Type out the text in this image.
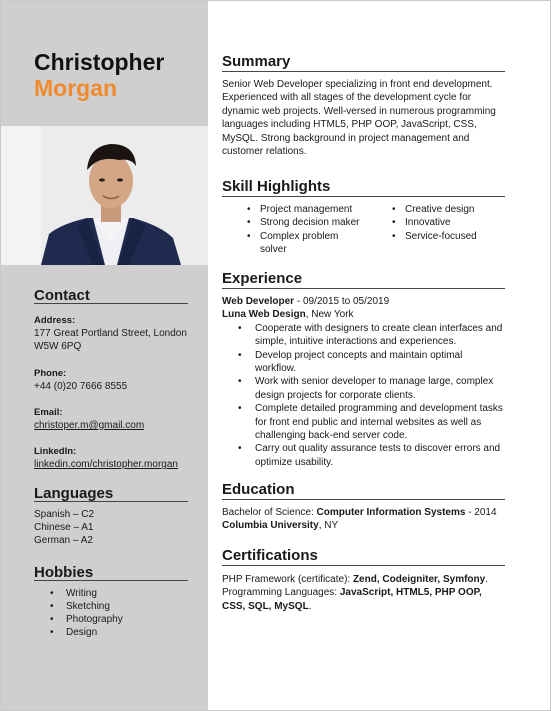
Christopher
Morgan
Contact
Address:
177 Great Portland Street, London
W5W 6PQ
Phone:
+44 (0)20 7666 8555
Email:
christoper.m@gmail.com
LinkedIn:
linkedin.com/christopher.morgan
Languages
Spanish – C2
Chinese – A1
German – A2
Hobbies
• Writing
• Sketching
• Photography
• Design
Summary
Senior Web Developer specializing in front end development. Experienced with all stages of the development cycle for dynamic web projects. Well-versed in numerous programming languages including HTML5, PHP OOP, JavaScript, CSS, MySQL. Strong background in project management and customer relations.
Skill Highlights
• Project management
• Strong decision maker
• Complex problem solver
• Creative design
• Innovative
• Service-focused
Experience
Web Developer - 09/2015 to 05/2019
Luna Web Design, New York
• Cooperate with designers to create clean interfaces and simple, intuitive interactions and experiences.
• Develop project concepts and maintain optimal workflow.
• Work with senior developer to manage large, complex design projects for corporate clients.
• Complete detailed programming and development tasks for front end public and internal websites as well as challenging back-end server code.
• Carry out quality assurance tests to discover errors and optimize usability.
Education
Bachelor of Science: Computer Information Systems - 2014
Columbia University, NY
Certifications
PHP Framework (certificate): Zend, Codeigniter, Symfony.
Programming Languages: JavaScript, HTML5, PHP OOP, CSS, SQL, MySQL.
